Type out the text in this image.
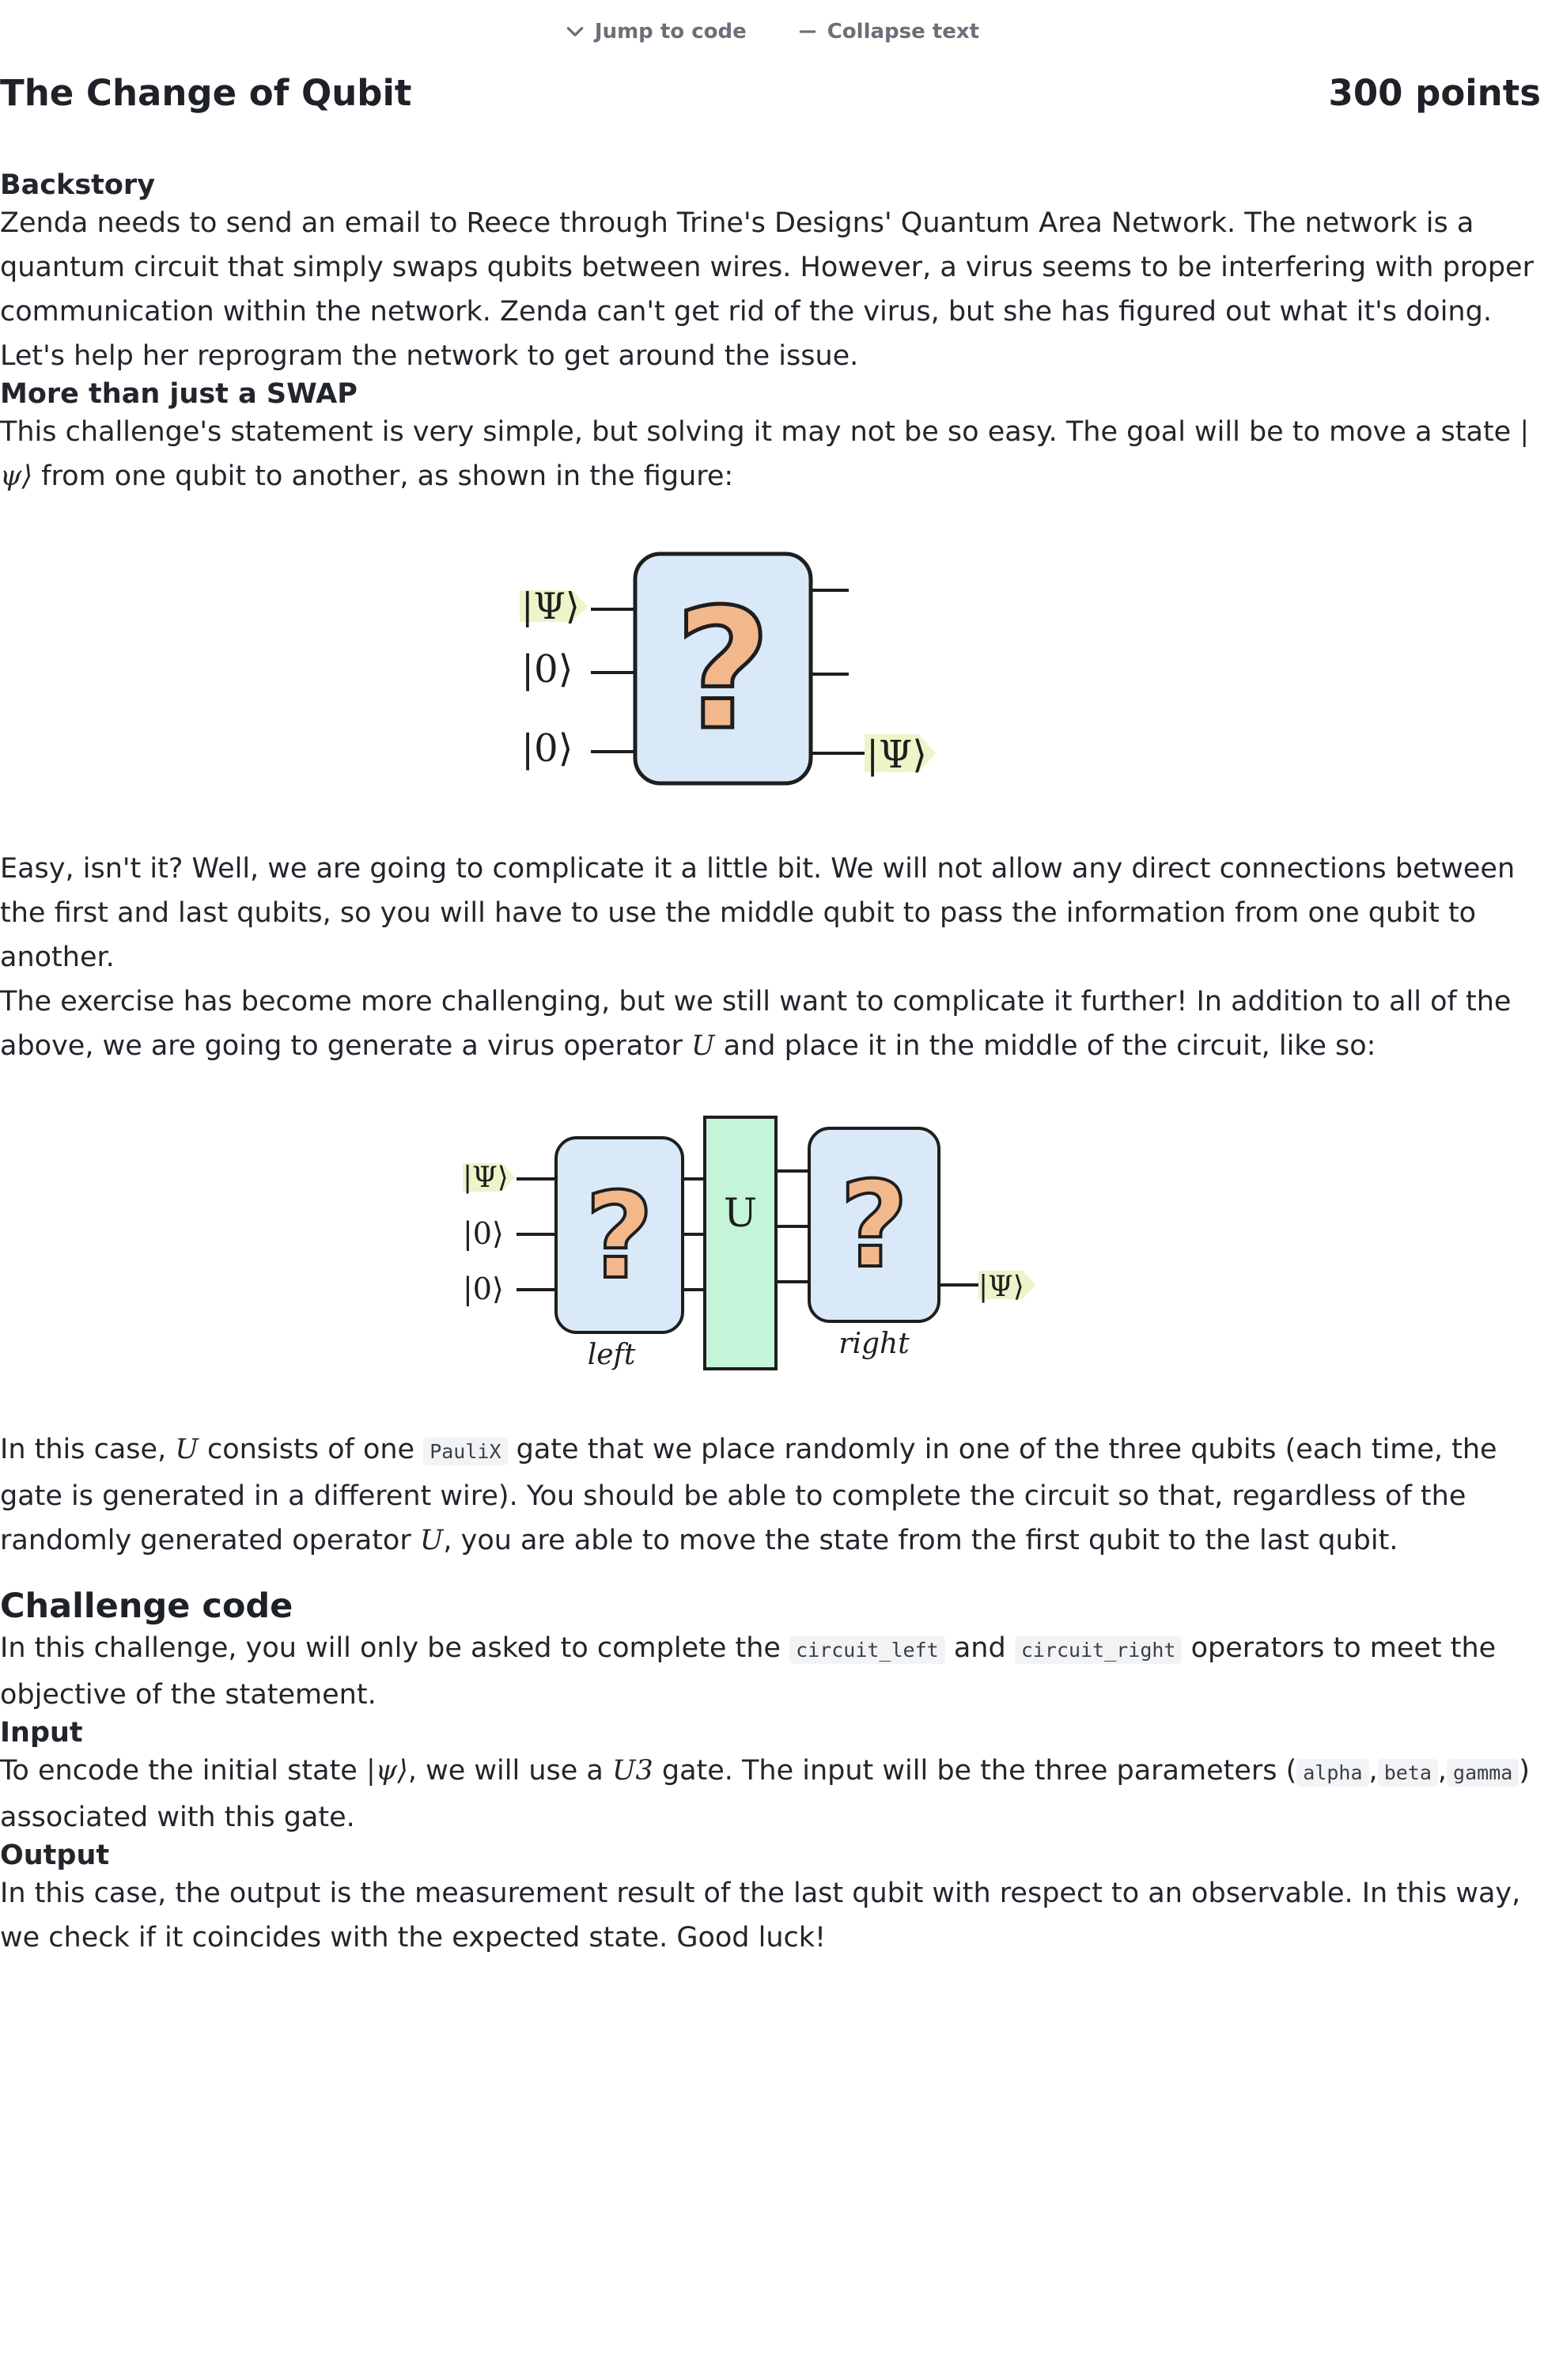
Jump to code	Collapse text
The Change of Qubit	300 points
Backstory

Zenda needs to send an email to Reece through Trine's Designs' Quantum Area Network. The network is a quantum circuit that simply swaps qubits between wires. However, a virus seems to be interfering with proper communication within the network. Zenda can't get rid of the virus, but she has figured out what it's doing. Let's help her reprogram the network to get around the issue.

More than just a SWAP

This challenge's statement is very simple, but solving it may not be so easy. The goal will be to move a state |ψ⟩ from one qubit to another, as shown in the figure:

|Ψ⟩
|0⟩
|0⟩ ?	|Ψ⟩

Easy, isn't it? Well, we are going to complicate it a little bit. We will not allow any direct connections between the first and last qubits, so you will have to use the middle qubit to pass the information from one qubit to another.

The exercise has become more challenging, but we still want to complicate it further! In addition to all of the above, we are going to generate a virus operator U and place it in the middle of the circuit, like so:

|Ψ⟩
|0⟩
|0⟩ ? U ? |Ψ⟩
left	right

In this case, U consists of one PauliX gate that we place randomly in one of the three qubits (each time, the gate is generated in a different wire). You should be able to complete the circuit so that, regardless of the randomly generated operator U, you are able to move the state from the first qubit to the last qubit.

Challenge code

In this challenge, you will only be asked to complete the circuit_left and circuit_right operators to meet the objective of the statement.

Input

To encode the initial state |ψ⟩, we will use a U3 gate. The input will be the three parameters ( alpha , beta , gamma ) associated with this gate.

Output

In this case, the output is the measurement result of the last qubit with respect to an observable. In this way, we check if it coincides with the expected state. Good luck!
